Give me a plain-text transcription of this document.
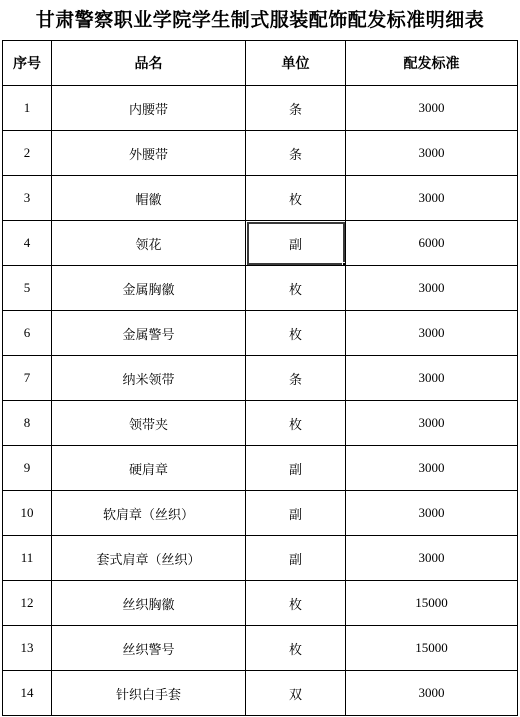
甘肃警察职业学院学生制式服装配饰配发标准明细表
序号	品名	单位	配发标准
1	内腰带	条	3000
2	外腰带	条	3000
3	帽徽	枚	3000
4	领花	副	6000
5	金属胸徽	枚	3000
6	金属警号	枚	3000
7	纳米领带	条	3000
8	领带夹	枚	3000
9	硬肩章	副	3000
10	软肩章（丝织）	副	3000
11	套式肩章（丝织）	副	3000
12	丝织胸徽	枚	15000
13	丝织警号	枚	15000
14	针织白手套	双	3000
